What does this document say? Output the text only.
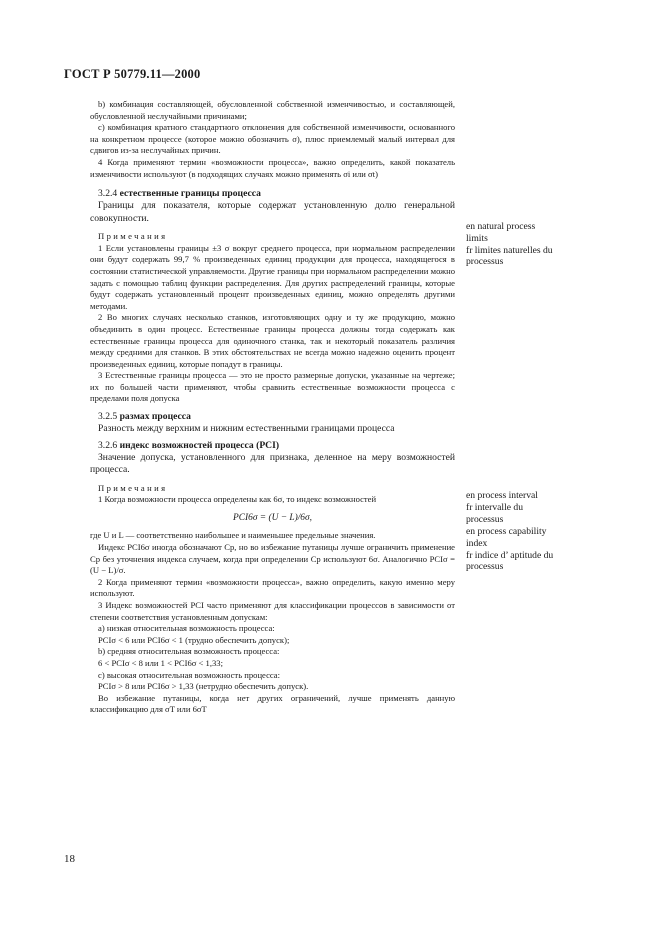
ГОСТ Р 50779.11—2000

b) комбинация составляющей, обусловленной собственной изменчивостью, и составляющей, обусловленной неслучайными причинами;

c) комбинация кратного стандартного отклонения для собственной изменчивости, основанного на конкретном процессе (которое можно обозначить σ), плюс приемлемый малый интервал для сдвигов из-за неслучайных причин.

4 Когда применяют термин «возможности процесса», важно определить, какой показатель изменчивости используют (в подходящих случаях можно применять σi или σt)

3.2.4 естественные границы процесса

Границы для показателя, которые содержат установленную долю генеральной совокупности.

Примечания

1 Если установлены границы ±3 σ вокруг среднего процесса, при нормальном распределении они будут содержать 99,7 % произведенных единиц продукции для процесса, находящегося в состоянии статистической управляемости. Другие границы при нормальном распределении можно задать с помощью таблиц функции распределения. Для других распределений границы, которые будут содержать установленный процент произведенных единиц, можно определять другими методами.

2 Во многих случаях несколько станков, изготовляющих одну и ту же продукцию, можно объединить в один процесс. Естественные границы процесса должны тогда содержать как естественные границы процесса для одиночного станка, так и некоторый показатель различия между средними для станков. В этих обстоятельствах не всегда можно надежно оценить процент произведенных единиц, которые попадут в границы.

3 Естественные границы процесса — это не просто размерные допуски, указанные на чертеже; их по большей части применяют, чтобы сравнить естественные возможности процесса с пределами поля допуска

3.2.5 размах процесса

Разность между верхним и нижним естественными границами процесса

3.2.6 индекс возможностей процесса (PCI)

Значение допуска, установленного для признака, деленное на меру возможностей процесса.

Примечания

1 Когда возможности процесса определены как 6σ, то индекс возможностей

PCI6σ = (U − L)/6σ,

где U и L — соответственно наибольшее и наименьшее предельные значения.

Индекс PCI6σ иногда обозначают Cp, но во избежание путаницы лучше ограничить применение Cp без уточнения индекса случаем, когда при определении Cp используют 6σ. Аналогично PCIσ = (U − L)/σ.

2 Когда применяют термин «возможности процесса», важно определить, какую именно меру используют.

3 Индекс возможностей PCI часто применяют для классификации процессов в зависимости от степени соответствия установленным допускам:

a) низкая относительная возможность процесса:

PCIσ < 6 или PCI6σ < 1 (трудно обеспечить допуск);

b) средняя относительная возможность процесса:

6 < PCIσ < 8 или 1 < PCI6σ < 1,33;

c) высокая относительная возможность процесса:

PCIσ > 8 или PCI6σ > 1,33 (нетрудно обеспечить допуск).

Во избежание путаницы, когда нет других ограничений, лучше применять данную классификацию для σT или 6σT

en natural process
limits
fr limites naturelles du
processus
en process interval
fr intervalle du
processus
en process capability
index
fr indice d’ aptitude du
processus
18
